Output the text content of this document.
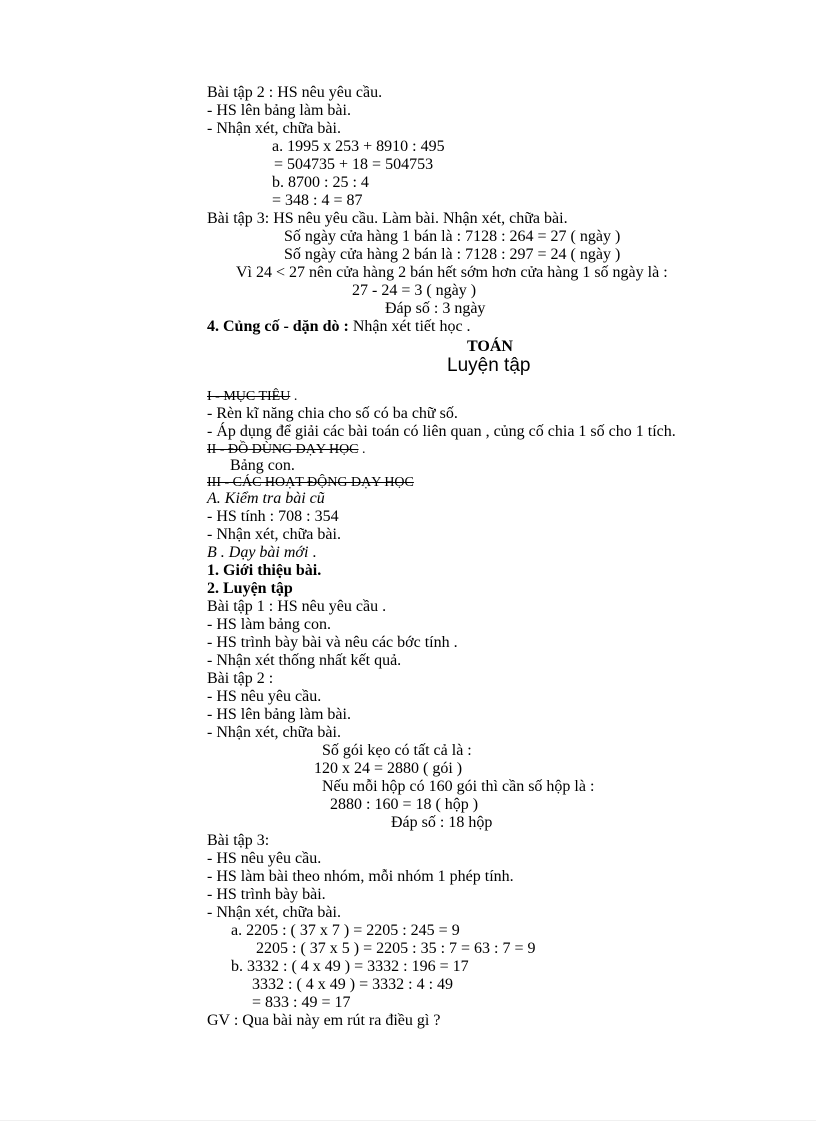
Bài tập 2 : HS nêu yêu cầu.
- HS lên bảng làm bài.
- Nhận xét, chữa bài.
a. 1995 x 253 + 8910 : 495
= 504735 + 18 = 504753
b. 8700 : 25 : 4
= 348 : 4 = 87
Bài tập 3: HS nêu yêu cầu. Làm bài. Nhận xét, chữa bài.
Số ngày cửa hàng 1 bán là : 7128 : 264 = 27 ( ngày )
Số ngày cửa hàng 2 bán là : 7128 : 297 = 24 ( ngày )
Vì 24 < 27 nên cửa hàng 2 bán hết sớm hơn cửa hàng 1 số ngày là :
27 - 24 = 3 ( ngày )
Đáp số : 3 ngày
4. Củng cố - dặn dò : Nhận xét tiết học .
TOÁN
Luyện tập
I - MỤC TIÊU .
- Rèn kĩ năng chia cho số có ba chữ số.
- Áp dụng để giải các bài toán có liên quan , củng cố chia 1 số cho 1 tích.
II - ĐỒ DÙNG DẠY HỌC .
Bảng con.
III - CÁC HOẠT ĐỘNG DẠY HỌC
A. Kiểm tra bài cũ
- HS tính : 708 : 354
- Nhận xét, chữa bài.
B . Dạy bài mới .
1. Giới thiệu bài.
2. Luyện tập
Bài tập 1 : HS nêu yêu cầu .
- HS làm bảng con.
- HS trình bày bài và nêu các bớc tính .
- Nhận xét thống nhất kết quả.
Bài tập 2 :
- HS nêu yêu cầu.
- HS lên bảng làm bài.
- Nhận xét, chữa bài.
Số gói kẹo có tất cả là :
120 x 24 = 2880 ( gói )
Nếu mỗi hộp có 160 gói thì cần số hộp là :
2880 : 160 = 18 ( hộp )
Đáp số : 18 hộp
Bài tập 3:
- HS nêu yêu cầu.
- HS làm bài theo nhóm, mỗi nhóm 1 phép tính.
- HS trình bày bài.
- Nhận xét, chữa bài.
a. 2205 : ( 37 x 7 ) = 2205 : 245 = 9
2205 : ( 37 x 5 ) = 2205 : 35 : 7 = 63 : 7 = 9
b. 3332 : ( 4 x 49 ) = 3332 : 196 = 17
3332 : ( 4 x 49 ) = 3332 : 4 : 49
= 833 : 49 = 17
GV : Qua bài này em rút ra điều gì ?
